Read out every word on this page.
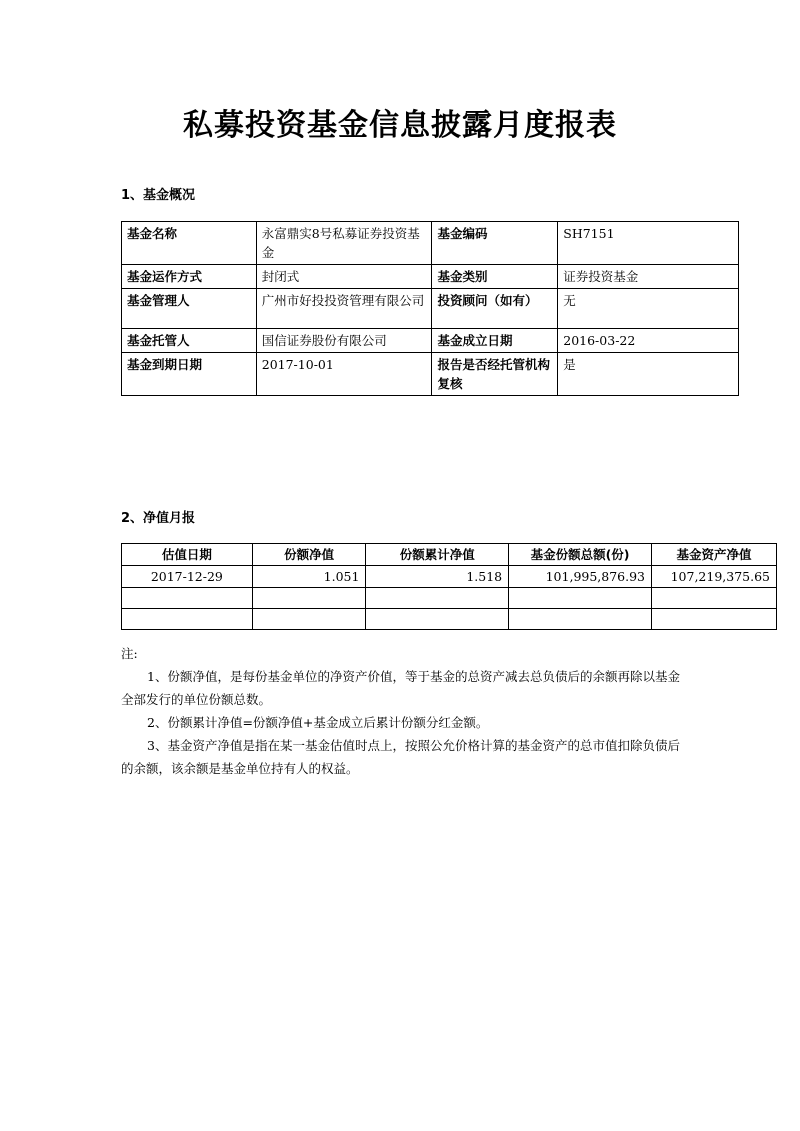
私募投资基金信息披露月度报表
1、基金概况
基金名称	永富鼎实8号私募证券投资基金	基金编码	SH7151
基金运作方式	封闭式	基金类别	证券投资基金
基金管理人	广州市好投投资管理有限公司	投资顾问（如有）	无
基金托管人	国信证券股份有限公司	基金成立日期	2016-03-22
基金到期日期	2017-10-01	报告是否经托管机构复核	是
2、净值月报
估值日期	份额净值	份额累计净值	基金份额总额(份)	基金资产净值
2017-12-29	1.051	1.518	101,995,876.93	107,219,375.65

注:

1、份额净值，是每份基金单位的净资产价值，等于基金的总资产减去总负债后的余额再除以基金全部发行的单位份额总数。

2、份额累计净值=份额净值+基金成立后累计份额分红金额。

3、基金资产净值是指在某一基金估值时点上，按照公允价格计算的基金资产的总市值扣除负债后的余额，该余额是基金单位持有人的权益。
